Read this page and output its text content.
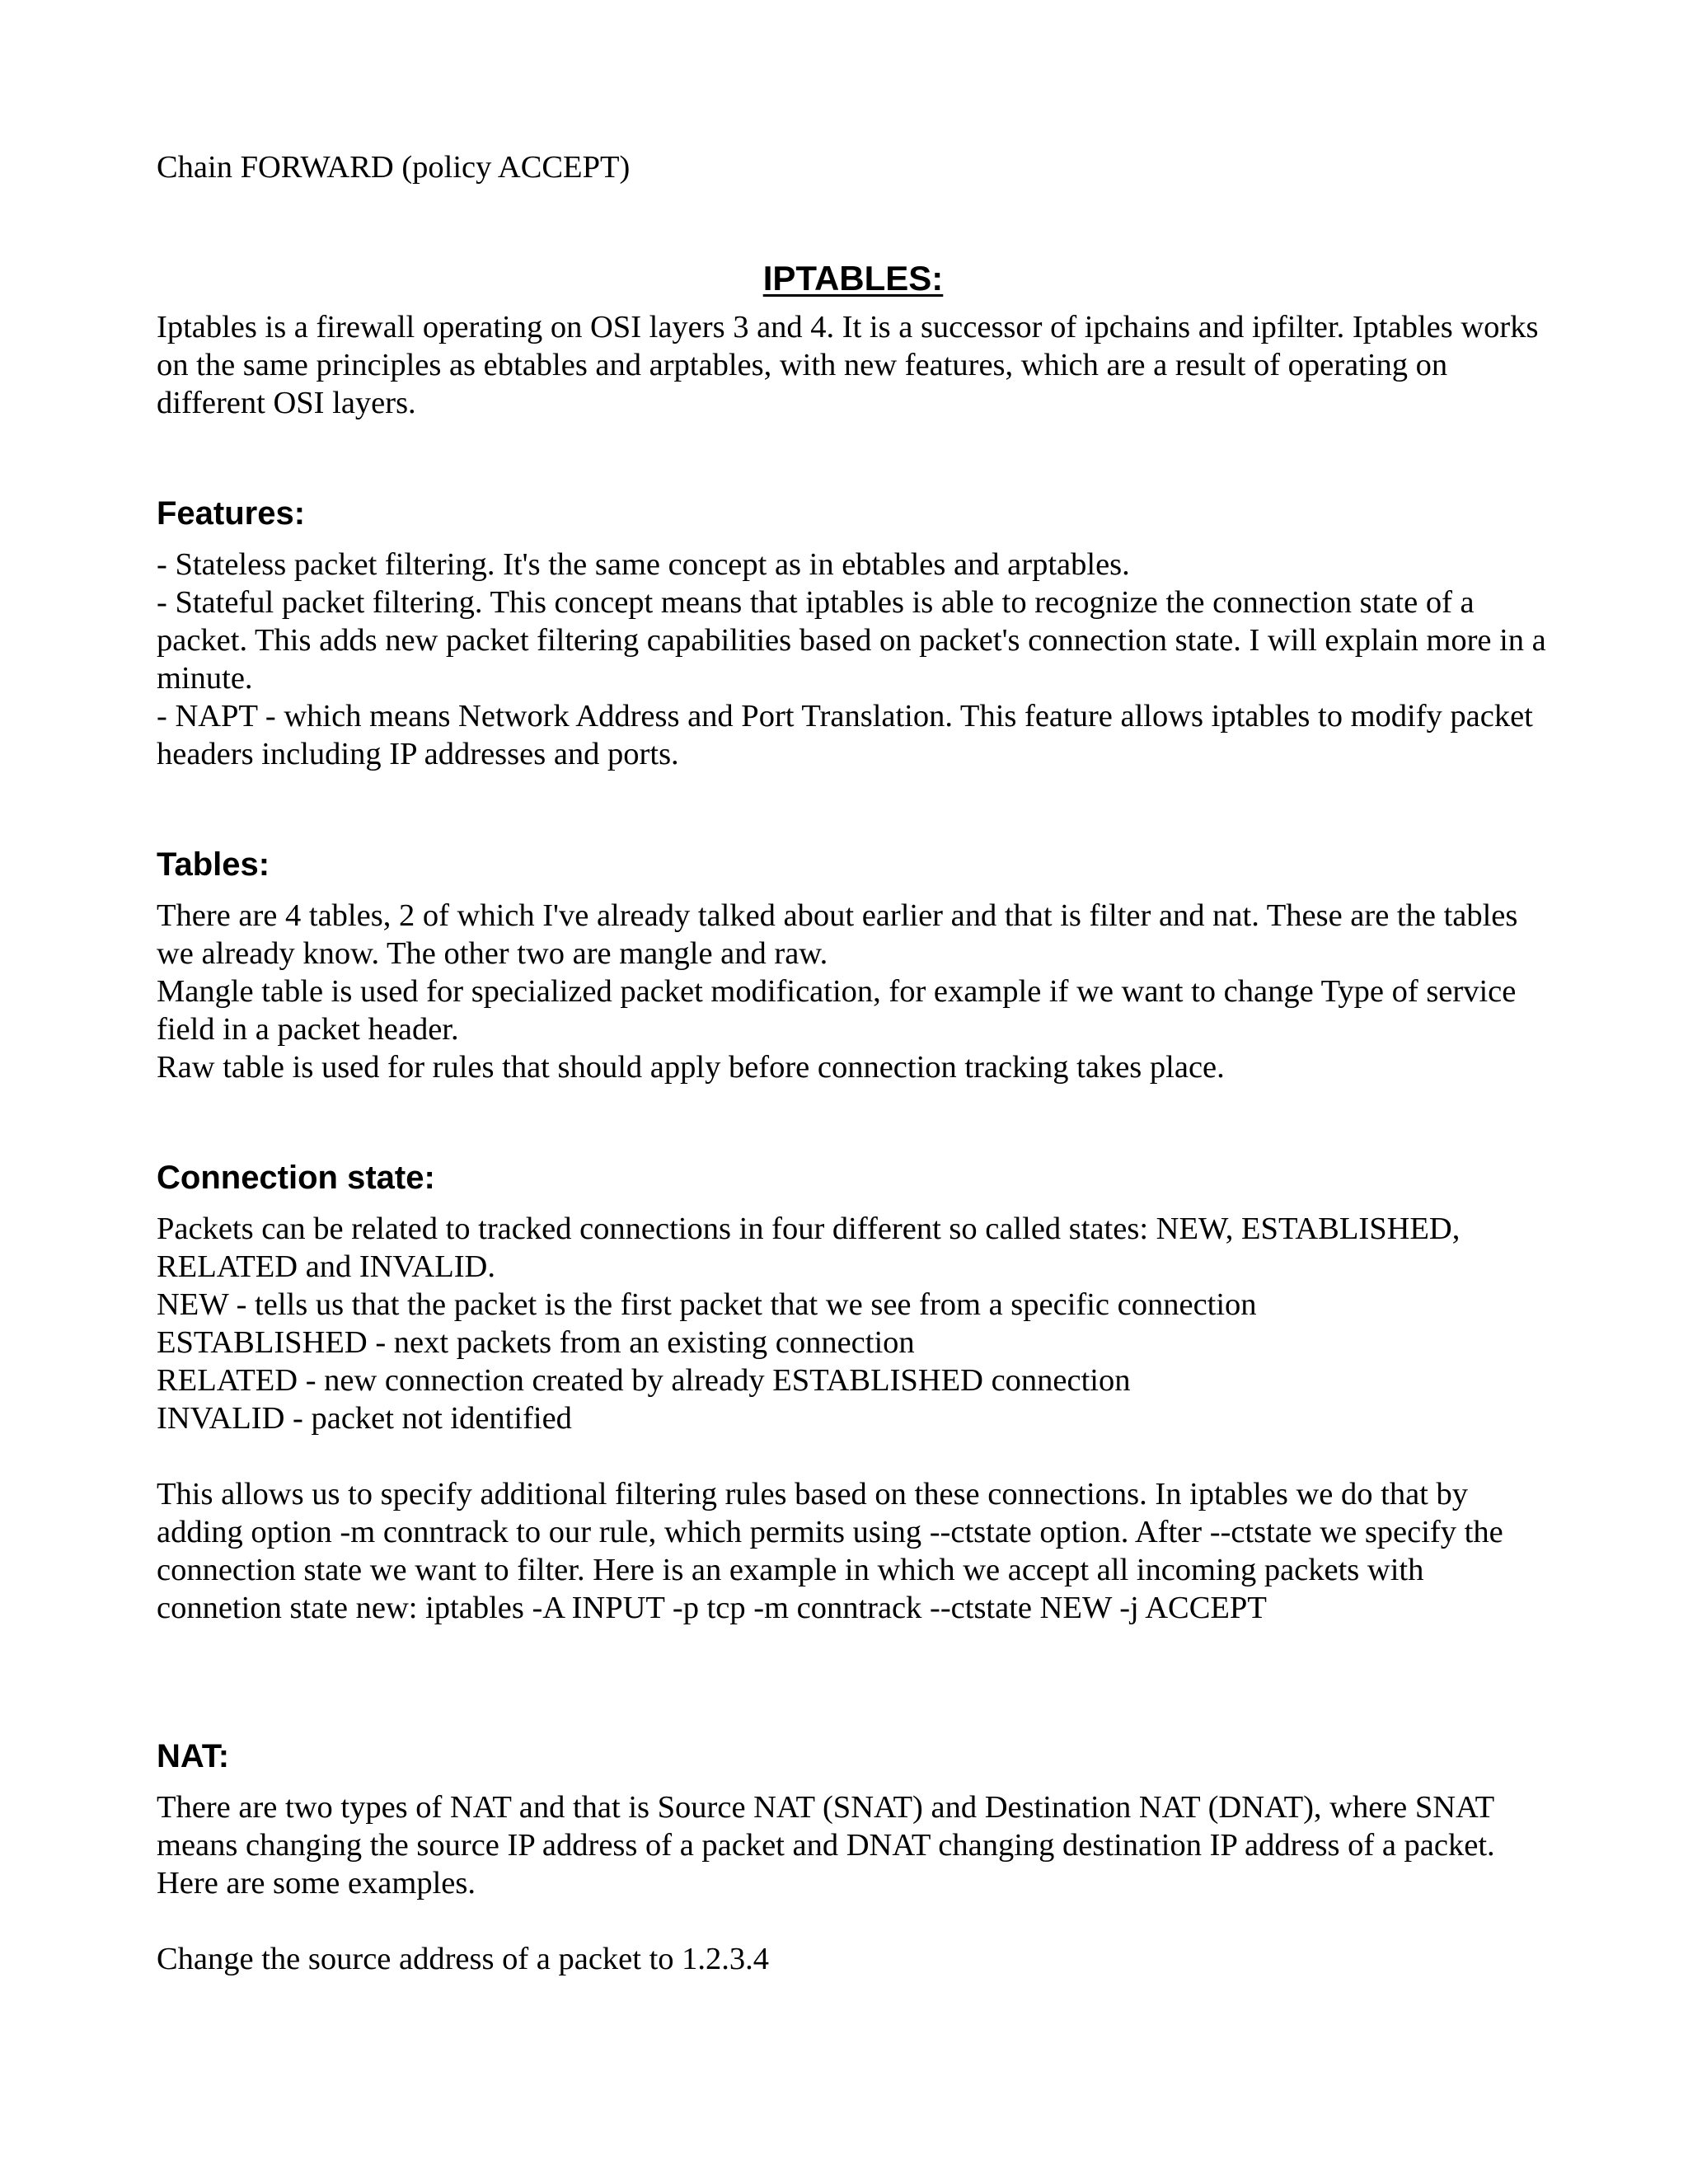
Chain FORWARD (policy ACCEPT)

IPTABLES:

Iptables is a firewall operating on OSI layers 3 and 4. It is a successor of ipchains and ipfilter. Iptables works on the same principles as ebtables and arptables, with new features, which are a result of operating on different OSI layers.

Features:
- Stateless packet filtering. It's the same concept as in ebtables and arptables.
- Stateful packet filtering. This concept means that iptables is able to recognize the connection state of a packet. This adds new packet filtering capabilities based on packet's connection state. I will explain more in a minute.
- NAPT - which means Network Address and Port Translation. This feature allows iptables to modify packet headers including IP addresses and ports.
Tables:
There are 4 tables, 2 of which I've already talked about earlier and that is filter and nat. These are the tables we already know. The other two are mangle and raw.
Mangle table is used for specialized packet modification, for example if we want to change Type of service field in a packet header.
Raw table is used for rules that should apply before connection tracking takes place.
Connection state:
Packets can be related to tracked connections in four different so called states: NEW, ESTABLISHED, RELATED and INVALID.
NEW - tells us that the packet is the first packet that we see from a specific connection
ESTABLISHED - next packets from an existing connection
RELATED - new connection created by already ESTABLISHED connection
INVALID - packet not identified

This allows us to specify additional filtering rules based on these connections. In iptables we do that by adding option -m conntrack to our rule, which permits using --ctstate option. After --ctstate we specify the connection state we want to filter. Here is an example in which we accept all incoming packets with connetion state new: iptables -A INPUT -p tcp -m conntrack --ctstate NEW -j ACCEPT

NAT:

There are two types of NAT and that is Source NAT (SNAT) and Destination NAT (DNAT), where SNAT means changing the source IP address of a packet and DNAT changing destination IP address of a packet. Here are some examples.

Change the source address of a packet to 1.2.3.4
